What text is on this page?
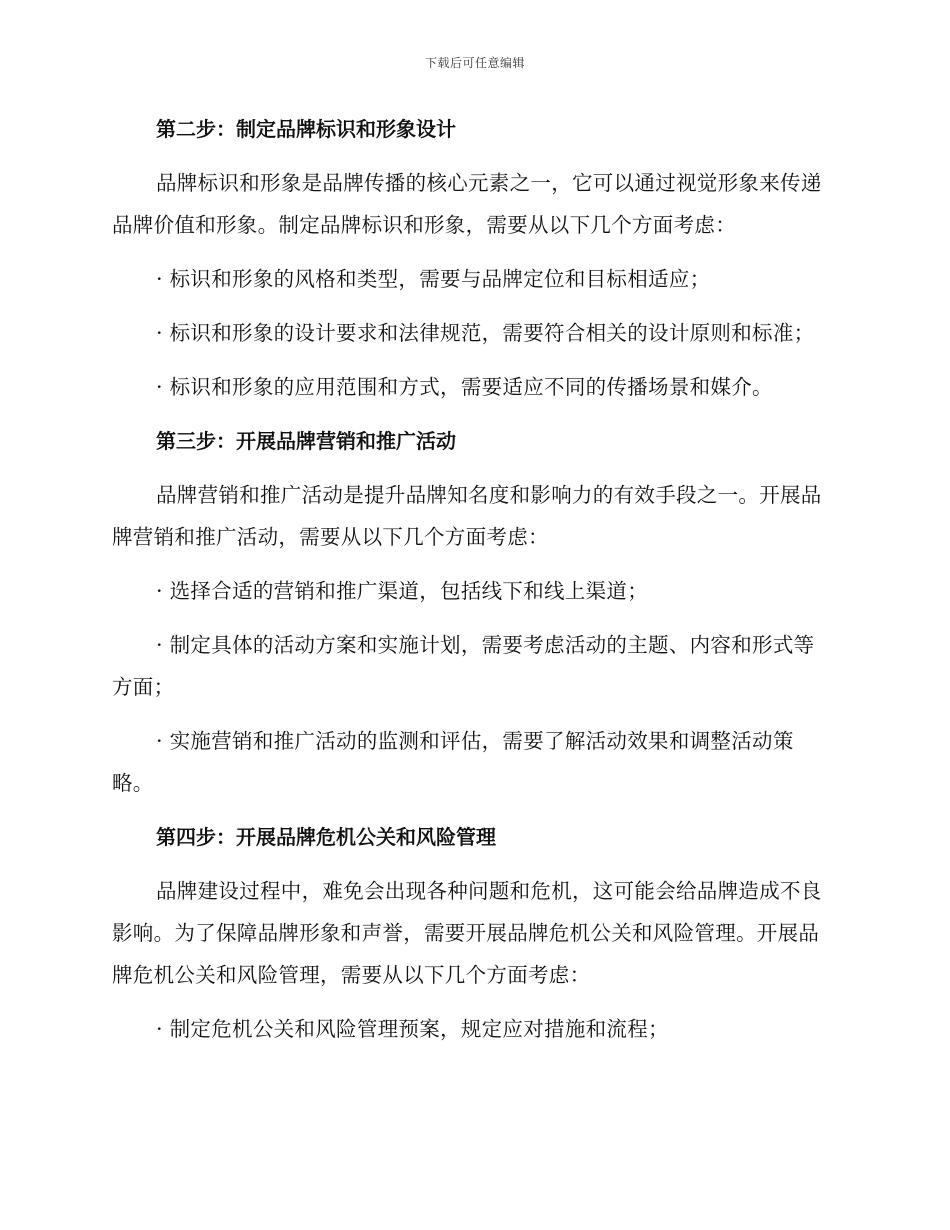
下载后可任意编辑
第二步：制定品牌标识和形象设计
品牌标识和形象是品牌传播的核心元素之一，它可以通过视觉形象来传递品牌价值和形象。制定品牌标识和形象，需要从以下几个方面考虑：
· 标识和形象的风格和类型，需要与品牌定位和目标相适应；
· 标识和形象的设计要求和法律规范，需要符合相关的设计原则和标准；
· 标识和形象的应用范围和方式，需要适应不同的传播场景和媒介。
第三步：开展品牌营销和推广活动
品牌营销和推广活动是提升品牌知名度和影响力的有效手段之一。开展品牌营销和推广活动，需要从以下几个方面考虑：
· 选择合适的营销和推广渠道，包括线下和线上渠道；
· 制定具体的活动方案和实施计划，需要考虑活动的主题、内容和形式等方面；
· 实施营销和推广活动的监测和评估，需要了解活动效果和调整活动策略。
第四步：开展品牌危机公关和风险管理
品牌建设过程中，难免会出现各种问题和危机，这可能会给品牌造成不良影响。为了保障品牌形象和声誉，需要开展品牌危机公关和风险管理。开展品牌危机公关和风险管理，需要从以下几个方面考虑：
· 制定危机公关和风险管理预案，规定应对措施和流程；
